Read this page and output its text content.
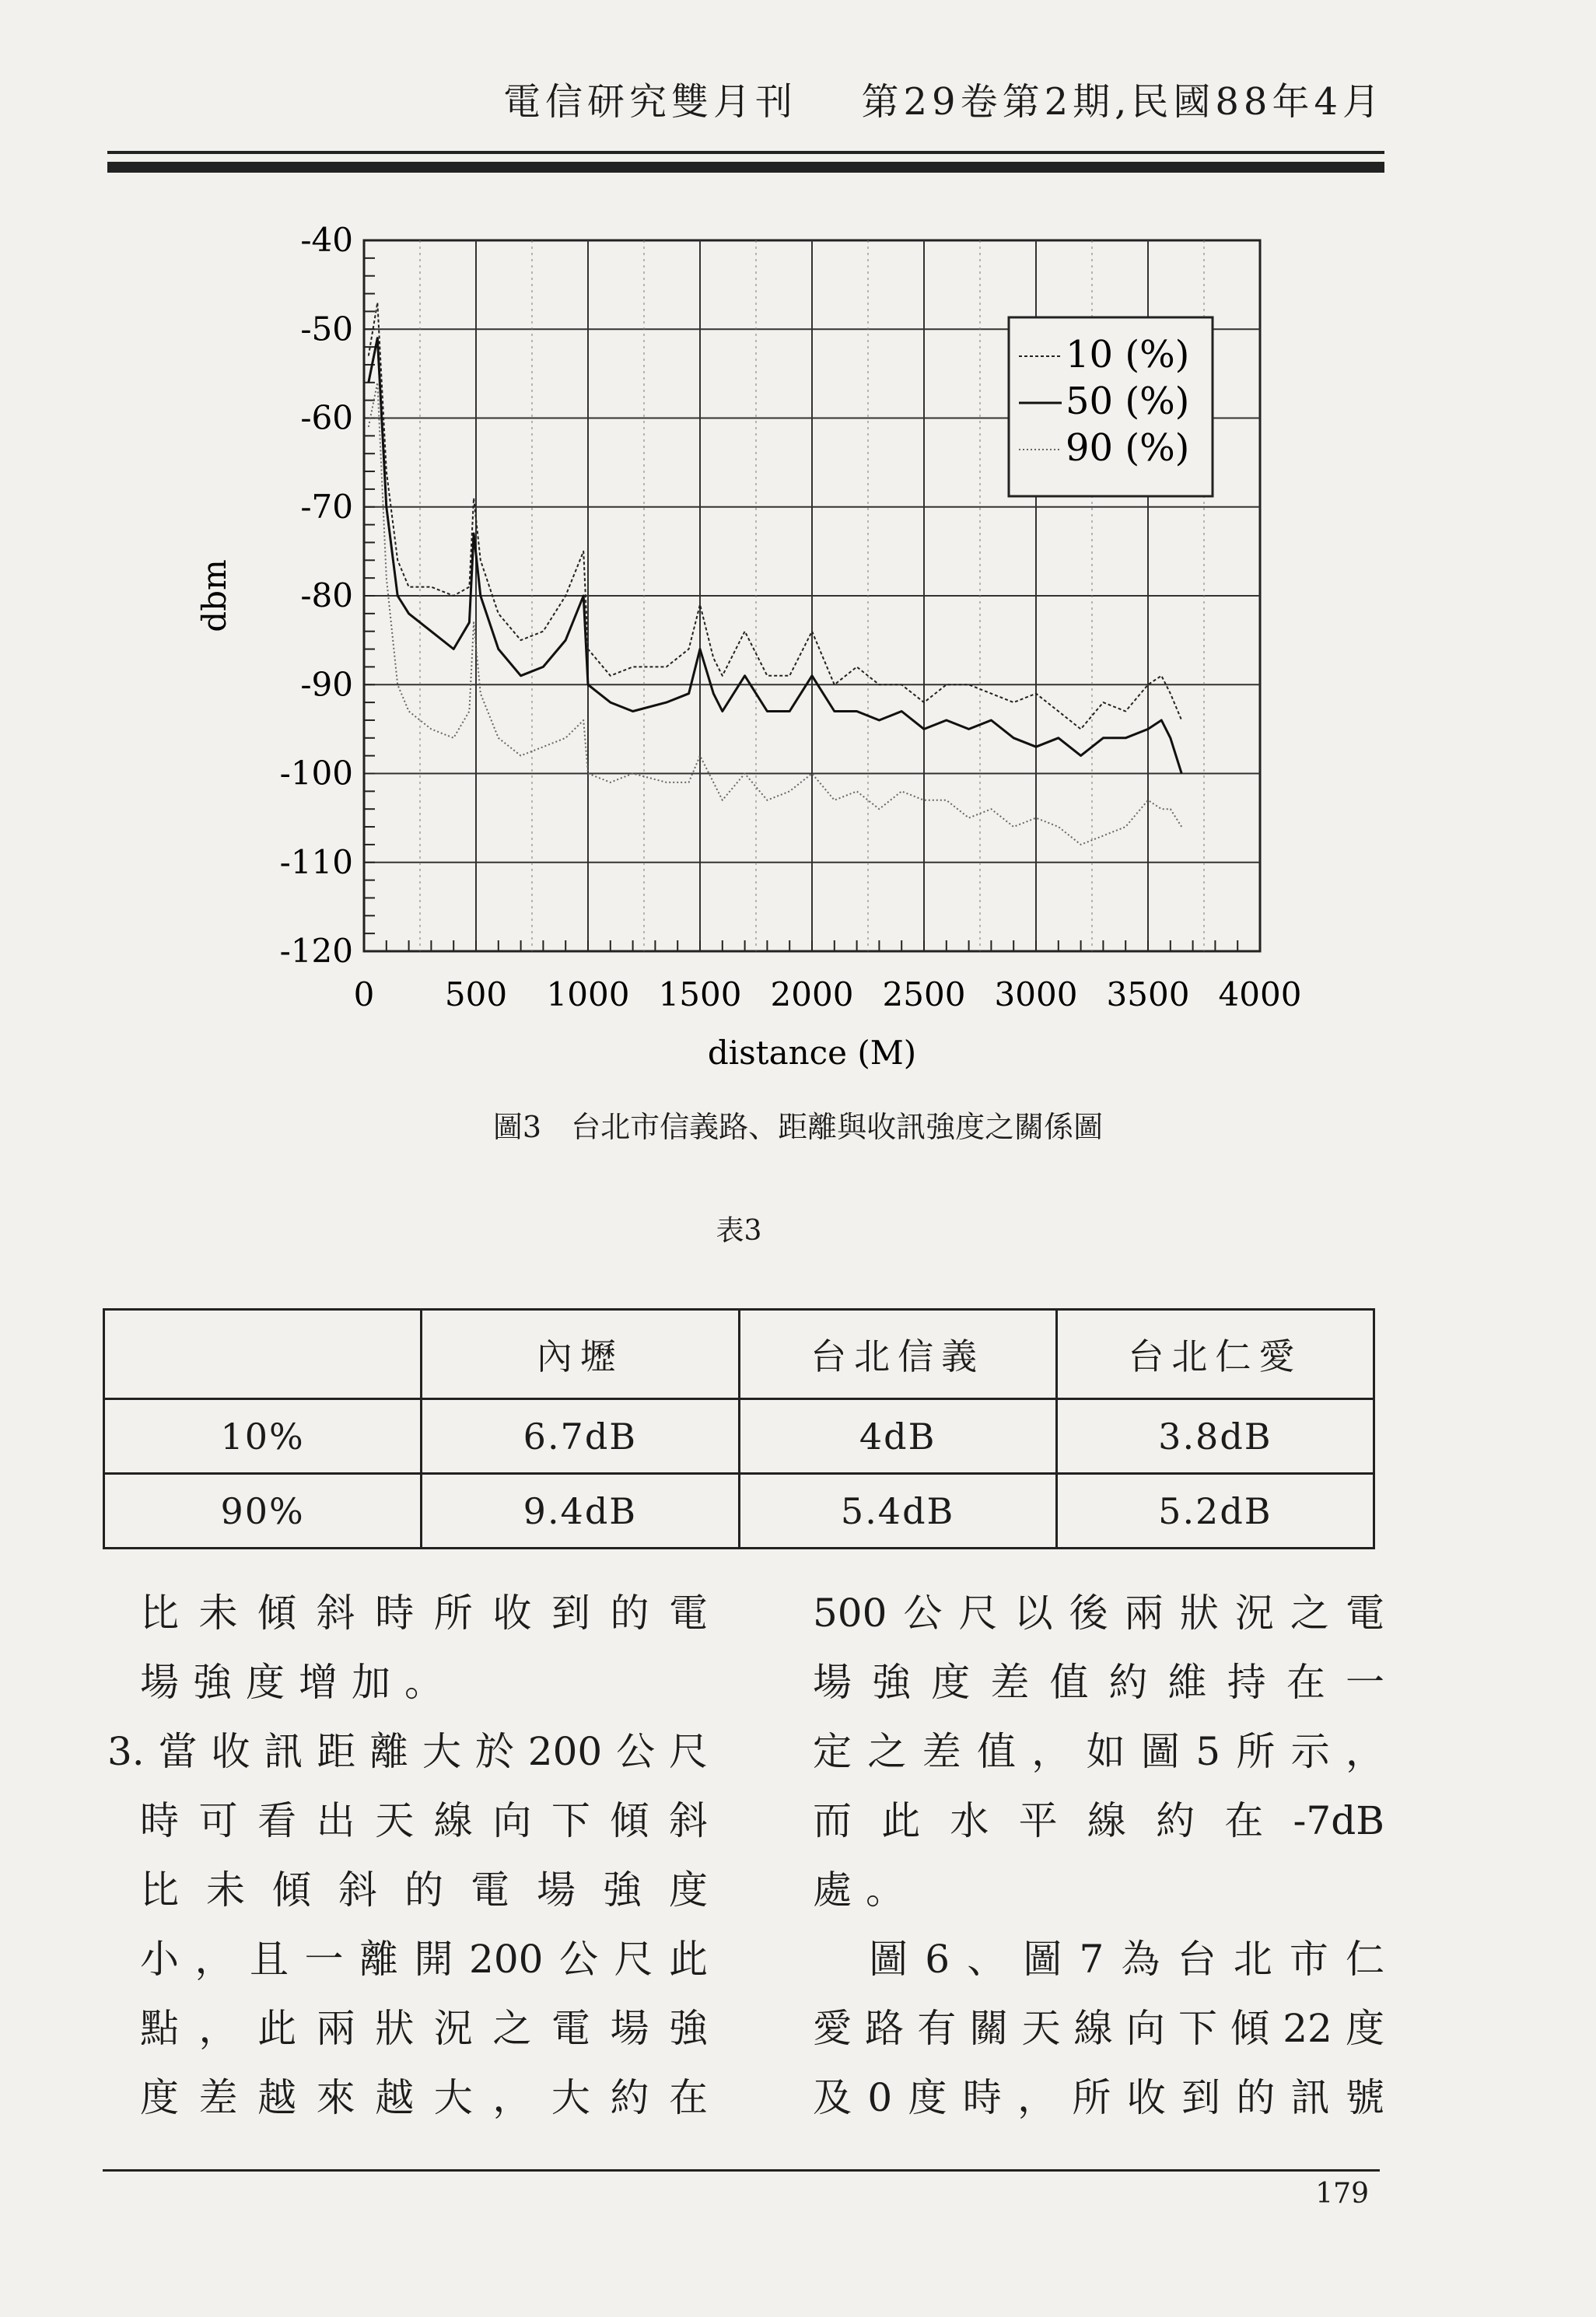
電信研究雙月刊 第29卷第2期,民國88年4月
0 500 1000 1500 2000 2500 3000 3500 4000
-40
-50
-60
-70
-80
-90
-100
-110
-120
distance (M)
dbm
10 (%)
50 (%)
90 (%)
圖3　台北市信義路、距離與收訊強度之關係圖
表3
	內壢	台北信義	台北仁愛
10%	6.7dB	4dB	3.8dB
90%	9.4dB	5.4dB	5.2dB

比未傾斜時所收到的電

場強度增加。

3.當收訊距離大於200公尺

時可看出天線向下傾斜

比未傾斜的電場強度

小，且一離開200公尺此

點，此兩狀況之電場強

度差越來越大，大約在

500公尺以後兩狀況之電

場強度差值約維持在一

定之差值，如圖5所示，

而此水平線約在-7dB

處。

　圖6、圖7為台北市仁

愛路有關天線向下傾22度

及0度時，所收到的訊號

179
